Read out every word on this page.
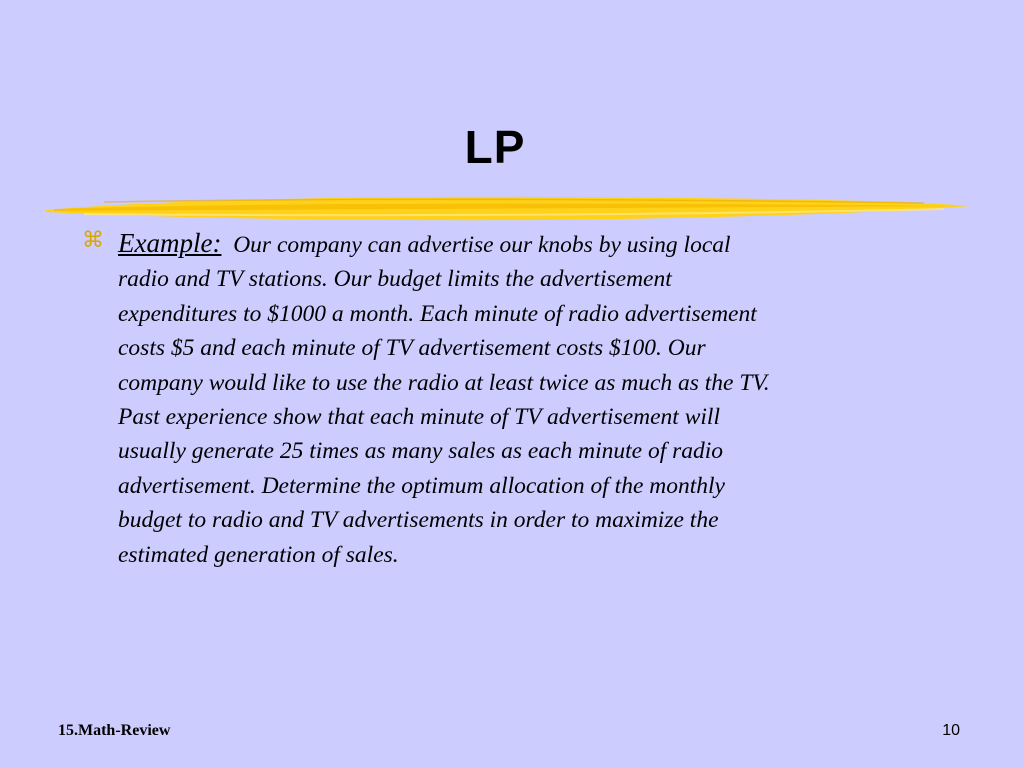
LP
⌘ Example: Our company can advertise our knobs by using local
radio and TV stations. Our budget limits the advertisement
expenditures to $1000 a month. Each minute of radio advertisement
costs $5 and each minute of TV advertisement costs $100. Our
company would like to use the radio at least twice as much as the TV.
Past experience show that each minute of TV advertisement will
usually generate 25 times as many sales as each minute of radio
advertisement. Determine the optimum allocation of the monthly
budget to radio and TV advertisements in order to maximize the
estimated generation of sales.
15.Math-Review	10
